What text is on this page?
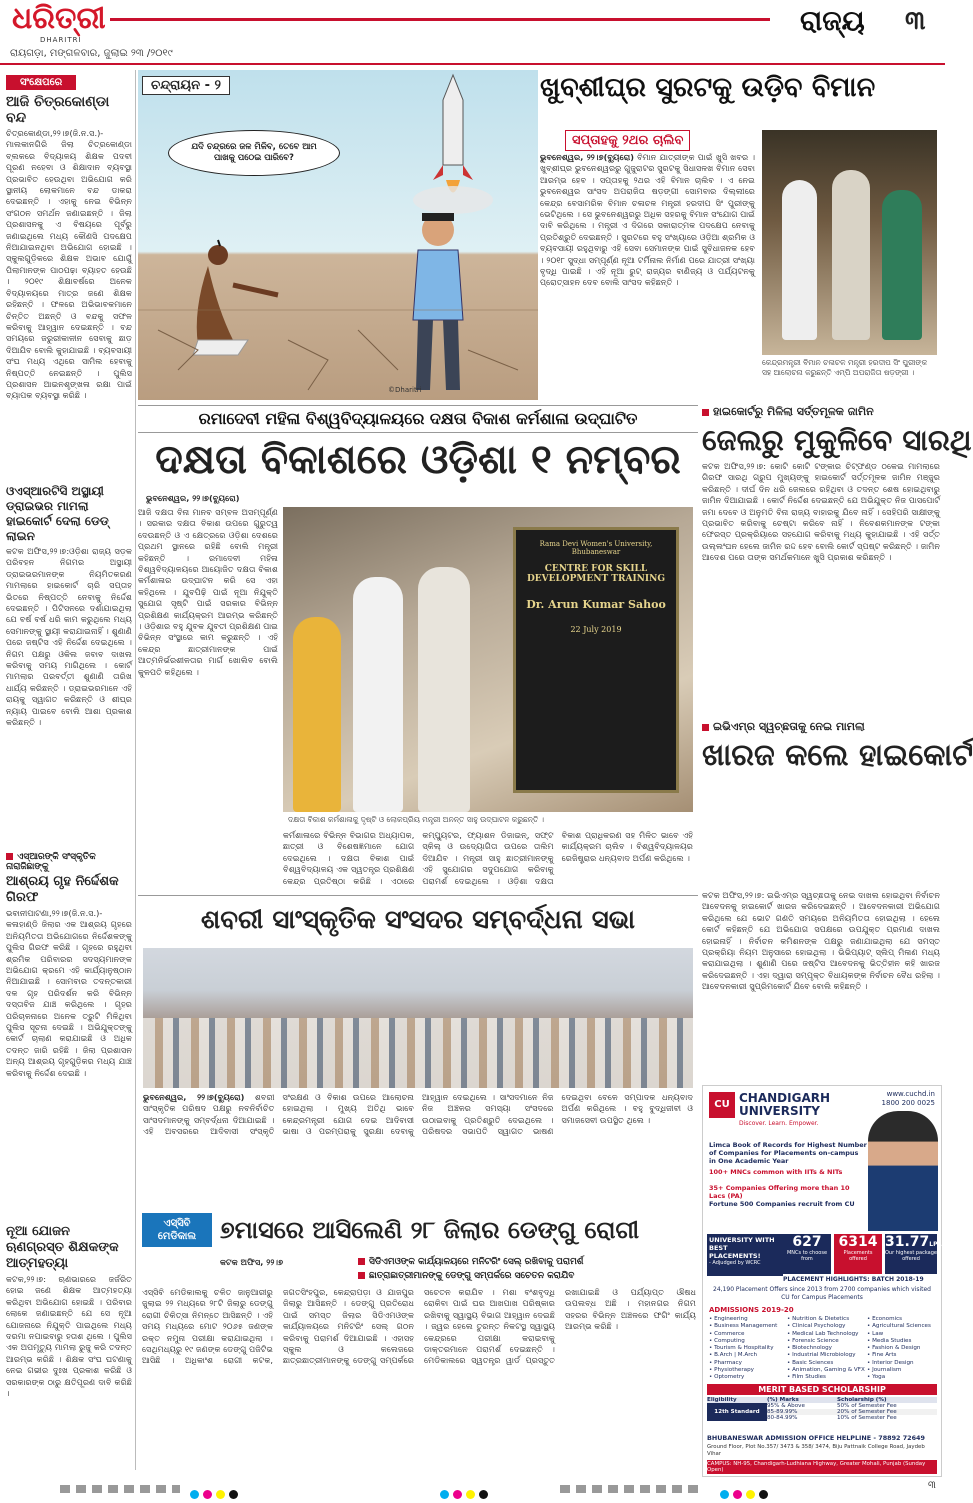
ଧରିତ୍ରୀ
DHARITRI
ରାଜ୍ୟ ୩
ରାୟଗଡ଼ା, ମଙ୍ଗଳବାର, ଜୁଲାଇ ୨୩ /୨୦୧୯
ସଂକ୍ଷେପରେ
ଆଜି ଚିତ୍ରକୋଣ୍ଡା ବନ୍ଦ
ଚିତ୍ରକୋଣ୍ଡା,୨୨।୭(ଜି.ନ.ସ.)- ମାଲକାନଗିରି ଜିଲା ଚିତ୍ରକୋଣ୍ଡା ବ୍ଲକରେ ବିଦ୍ୟାଳୟ ଶିକ୍ଷକ ପଦବୀ ପୂରଣ ନହେବା ଓ ଶିକ୍ଷାଦାନ ବ୍ୟବସ୍ଥା ପ୍ରଭାବିତ ହେଉଥିବା ଅଭିଯୋଗ କରି ସ୍ଥାନୀୟ ଲୋକମାନେ ବନ୍ଦ ଡାକରା ଦେଇଛନ୍ତି । ଏହାକୁ ନେଇ ବିଭିନ୍ନ ସଂଗଠନ ସମର୍ଥନ ଜଣାଇଛନ୍ତି । ଜିଲା ପ୍ରଶାସନକୁ ଏ ବିଷୟରେ ପୂର୍ବରୁ ଜଣାଇଥିଲେ ମଧ୍ୟ କୌଣସି ପଦକ୍ଷେପ ନିଆଯାଇନଥିବା ଅଭିଯୋଗ ହୋଇଛି । ସ୍କୁଲଗୁଡ଼ିକରେ ଶିକ୍ଷକ ଅଭାବ ଯୋଗୁଁ ପିଲାମାନଙ୍କ ପାଠପଢ଼ା ବ୍ୟାହତ ହେଉଛି । ୨୦୧୯ ଶିକ୍ଷାବର୍ଷରେ ଅନେକ ବିଦ୍ୟାଳୟରେ ମାତ୍ର ଜଣେ ଶିକ୍ଷକ ରହିଛନ୍ତି । ଫଳରେ ଅଭିଭାବକମାନେ ଚିନ୍ତିତ ଅଛନ୍ତି ଓ ବନ୍ଦକୁ ସଫଳ କରିବାକୁ ଆହ୍ୱାନ ଦେଇଛନ୍ତି । ବନ୍ଦ ସମୟରେ ଜରୁରୀକାଳୀନ ସେବାକୁ ଛାଡ଼ ଦିଆଯିବ ବୋଲି କୁହାଯାଇଛି । ବ୍ୟବସାୟୀ ସଂଘ ମଧ୍ୟ ଏଥିରେ ସାମିଲ ହେବାକୁ ନିଷ୍ପତ୍ତି ନେଇଛନ୍ତି । ପୁଲିସ ପ୍ରଶାସନ ଆଇନଶୃଙ୍ଖଳା ରକ୍ଷା ପାଇଁ ବ୍ୟାପକ ବ୍ୟବସ୍ଥା କରିଛି ।
ଓଏସ୍‌ଆରଟିସି ଅସ୍ଥାୟୀ ଡ୍ରାଇଭର ମାମଲା ହାଇକୋର୍ଟ ଦେଲା ଡେଡ୍‌ ଲାଇନ
କଟକ ଅଫିସ,୨୨।୭:ଓଡ଼ିଶା ରାଜ୍ୟ ସଡ଼କ ପରିବହନ ନିଗମର ଅସ୍ଥାୟୀ ଡ୍ରାଇଭରମାନଙ୍କ ନିୟମିତକରଣ ମାମଲାରେ ହାଇକୋର୍ଟ ଚାରି ସପ୍ତାହ ଭିତରେ ନିଷ୍ପତ୍ତି ନେବାକୁ ନିର୍ଦ୍ଦେଶ ଦେଇଛନ୍ତି । ପିଟିସନରେ ଦର୍ଶାଯାଇଥିଲା ଯେ ବର୍ଷ ବର୍ଷ ଧରି କାମ କରୁଥିଲେ ମଧ୍ୟ ସେମାନଙ୍କୁ ସ୍ଥାୟୀ କରାଯାଇନାହିଁ । ଶୁଣାଣି ପରେ ଜଷ୍ଟିସ ଏହି ନିର୍ଦ୍ଦେଶ ଦେଇଥିଲେ । ନିଗମ ପକ୍ଷରୁ ଓକିଲ ଜବାବ ଦାଖଲ କରିବାକୁ ସମୟ ମାଗିଥିଲେ । କୋର୍ଟ ମାମଲାର ପରବର୍ତ୍ତୀ ଶୁଣାଣି ତାରିଖ ଧାର୍ଯ୍ୟ କରିଛନ୍ତି । ଡ୍ରାଇଭରମାନେ ଏହି ରାୟକୁ ସ୍ୱାଗତ କରିଛନ୍ତି ଓ ଶୀଘ୍ର ନ୍ୟାୟ ପାଇବେ ବୋଲି ଆଶା ପ୍ରକାଶ କରିଛନ୍ତି ।
ଏସ୍ଆରଙ୍କି ସଂସ୍କୃତିକ ନାରାଜିଛାଙ୍କୁ
ଆଶ୍ରୟ ଗୃହ ନିର୍ଦ୍ଦେଶକ ଗିରଫ
ଭବାନୀପାଟଣା,୨୨।୭(ଜି.ନ.ସ.)- କଳାହାଣ୍ଡି ଜିଲାର ଏକ ଆଶ୍ରୟ ଗୃହରେ ଅନିୟମିତତା ଅଭିଯୋଗରେ ନିର୍ଦ୍ଦେଶକଙ୍କୁ ପୁଲିସ ଗିରଫ କରିଛି । ଗୃହରେ ରହୁଥିବା ଶ୍ରମିକ ପରିବାରର ସଦସ୍ୟମାନଙ୍କ ଅଭିଯୋଗ କ୍ରମେ ଏହି କାର୍ଯ୍ୟାନୁଷ୍ଠାନ ନିଆଯାଇଛି । ସୋମବାର ତଦନ୍ତକାରୀ ଦଳ ଗୃହ ପରିଦର୍ଶନ କରି ବିଭିନ୍ନ ଦସ୍ତାବିଜ ଯାଞ୍ଚ କରିଥିଲେ । ଗୃହର ପରିଚାଳନାରେ ଅନେକ ତ୍ରୁଟି ମିଳିଥିବା ପୁଲିସ ସୂଚନା ଦେଇଛି । ଅଭିଯୁକ୍ତଙ୍କୁ କୋର୍ଟ ଚାଲାଣ କରାଯାଇଛି ଓ ଅଧିକ ତଦନ୍ତ ଜାରି ରହିଛି । ଜିଲା ପ୍ରଶାସନ ଅନ୍ୟ ଆଶ୍ରୟ ଗୃହଗୁଡ଼ିକର ମଧ୍ୟ ଯାଞ୍ଚ କରିବାକୁ ନିର୍ଦ୍ଦେଶ ଦେଇଛି ।
ନୂଆ ଯୋଜନ ଋଣଗ୍ରସ୍ତ ଶିକ୍ଷକଙ୍କ ଆତ୍ମହତ୍ୟା
କଟକ,୨୨।୭: ଋଣଭାରରେ ଜର୍ଜରିତ ହୋଇ ଜଣେ ଶିକ୍ଷକ ଆତ୍ମହତ୍ୟା କରିଥିବା ଅଭିଯୋଗ ହୋଇଛି । ପରିବାର ଲୋକେ ଜଣାଇଛନ୍ତି ଯେ ସେ ନୂଆ ଯୋଜନାରେ ନିଯୁକ୍ତି ପାଇଥିଲେ ମଧ୍ୟ ଦରମା ନପାଇବାରୁ ହତାଶ ଥିଲେ । ପୁଲିସ ଏକ ଅପମୃତ୍ୟୁ ମାମଲା ରୁଜୁ କରି ତଦନ୍ତ ଆରମ୍ଭ କରିଛି । ଶିକ୍ଷକ ସଂଘ ଘଟଣାକୁ ନେଇ ଗଭୀର ଦୁଃଖ ପ୍ରକାଶ କରିଛି ଓ ସରକାରଙ୍କ ଠାରୁ କ୍ଷତିପୂରଣ ଦାବି କରିଛି ।
ଚନ୍ଦ୍ରାୟନ - ୨
ଯଦି ଚନ୍ଦ୍ରରେ ଜଳ ମିଳିବ, ତେବେ ଆମ ପାଖକୁ ପଠେଇ ପାରିବେ?
©Dharitri
ଖୁବ୍‌ଶୀଘ୍ର ସୁରଟକୁ ଉଡ଼ିବ ବିମାନ
ସପ୍ତାହକୁ ୨ଥର ଚାଲିବ
ଭୁବନେଶ୍ୱର, ୨୨।୭(ବ୍ୟୁରୋ) ବିମାନ ଯାତ୍ରୀଙ୍କ ପାଇଁ ଖୁସି ଖବର । ଖୁବ୍‌ଶୀଘ୍ର ଭୁବନେଶ୍ୱରରୁ ଗୁଜୁରାଟର ସୁରଟକୁ ସିଧାସଳଖ ବିମାନ ସେବା ଆରମ୍ଭ ହେବ । ସପ୍ତାହକୁ ୨ଥର ଏହି ବିମାନ ଚାଲିବ । ଏ ନେଇ ଭୁବନେଶ୍ୱର ସାଂସଦ ଅପରାଜିତା ଷଡ଼ଙ୍ଗୀ ସୋମବାର ଦିଲ୍ଲୀରେ କେନ୍ଦ୍ର ବେସାମରିକ ବିମାନ ଚଳାଚଳ ମନ୍ତ୍ରୀ ହରଦୀପ ସିଂ ପୁରୀଙ୍କୁ ଭେଟିଥିଲେ । ସେ ଭୁବନେଶ୍ୱରରୁ ଅଧିକ ସହରକୁ ବିମାନ ସଂଯୋଗ ପାଇଁ ଦାବି କରିଥିଲେ । ମନ୍ତ୍ରୀ ଏ ଦିଗରେ ସକାରାତ୍ମକ ପଦକ୍ଷେପ ନେବାକୁ ପ୍ରତିଶ୍ରୁତି ଦେଇଛନ୍ତି । ସୁରଟରେ ବହୁ ସଂଖ୍ୟାରେ ଓଡ଼ିଆ ଶ୍ରମିକ ଓ ବ୍ୟବସାୟୀ ରହୁଥିବାରୁ ଏହି ସେବା ସେମାନଙ୍କ ପାଇଁ ସୁବିଧାଜନକ ହେବ । ୨୦୧୮ ସୁଦ୍ଧା ସମ୍ପୂର୍ଣ୍ଣ ନୂଆ ଟର୍ମିନାଲ ନିର୍ମାଣ ପରେ ଯାତ୍ରୀ ସଂଖ୍ୟା ବୃଦ୍ଧି ପାଇଛି । ଏହି ନୂଆ ରୁଟ୍ ରାଜ୍ୟର ବାଣିଜ୍ୟ ଓ ପର୍ଯ୍ୟଟନକୁ ପ୍ରୋତ୍ସାହନ ଦେବ ବୋଲି ସାଂସଦ କହିଛନ୍ତି ।
କେନ୍ଦ୍ରମନ୍ତ୍ରୀ ବିମାନ ଚଳାଚଳ ମନ୍ତ୍ରୀ ହରଦୀପ ସିଂ ପୁରୀଙ୍କ ସହ ଆଲୋଚନା କରୁଛନ୍ତି ଏମ୍‌ପି ଅପରାଜିତା ଷଡ଼ଙ୍ଗୀ ।
ରମାଦେବୀ ମହିଳା ବିଶ୍ୱବିଦ୍ୟାଳୟରେ ଦକ୍ଷତା ବିକାଶ କର୍ମଶାଳା ଉଦ୍‌ଘାଟିତ
ଦକ୍ଷତା ବିକାଶରେ ଓଡ଼ିଶା ୧ ନମ୍ବର
ଭୁବନେଶ୍ୱର, ୨୨।୭(ବ୍ୟୁରୋ)
ଆଜି ଦକ୍ଷତା ବିନା ମାନବ ସମ୍ବଳ ଅସମ୍ପୂର୍ଣ୍ଣ । ସରକାର ଦକ୍ଷତା ବିକାଶ ଉପରେ ଗୁରୁତ୍ୱ ଦେଉଛନ୍ତି ଓ ଏ କ୍ଷେତ୍ରରେ ଓଡ଼ିଶା ଦେଶରେ ପ୍ରଥମ ସ୍ଥାନରେ ରହିଛି ବୋଲି ମନ୍ତ୍ରୀ କହିଛନ୍ତି । ରମାଦେବୀ ମହିଳା ବିଶ୍ୱବିଦ୍ୟାଳୟରେ ଆୟୋଜିତ ଦକ୍ଷତା ବିକାଶ କର୍ମଶାଳାର ଉଦ୍‌ଘାଟନ କରି ସେ ଏହା କହିଥିଲେ । ଯୁବପିଢ଼ି ପାଇଁ ନୂଆ ନିଯୁକ୍ତି ସୁଯୋଗ ସୃଷ୍ଟି ପାଇଁ ସରକାର ବିଭିନ୍ନ ପ୍ରଶିକ୍ଷଣ କାର୍ଯ୍ୟକ୍ରମ ଆରମ୍ଭ କରିଛନ୍ତି । ଓଡ଼ିଶାର ବହୁ ଯୁବକ ଯୁବତୀ ପ୍ରଶିକ୍ଷଣ ପାଇ ବିଭିନ୍ନ ସଂସ୍ଥାରେ କାମ କରୁଛନ୍ତି । ଏହି କେନ୍ଦ୍ର ଛାତ୍ରୀମାନଙ୍କ ପାଇଁ ଆତ୍ମନିର୍ଭରଶୀଳତାର ମାର୍ଗ ଖୋଲିବ ବୋଲି କୁଳପତି କହିଥିଲେ ।
Rama Devi Women's University, Bhubaneswar
CENTRE FOR SKILL DEVELOPMENT TRAINING
Dr. Arun Kumar Sahoo
22 July 2019
ଦକ୍ଷତା ବିକାଶ କର୍ମଶାଳାକୁ ଦୃଷ୍ଟି ଓ ଲୋକପ୍ରିୟ ମନ୍ତ୍ରୀ ଅନନ୍ତ ସାହୁ ଉଦ୍‌ଘାଟନ କରୁଛନ୍ତି ।
କର୍ମଶାଳାରେ ବିଭିନ୍ନ ବିଭାଗର ଅଧ୍ୟାପକ, ଛାତ୍ରୀ ଓ ବିଶେଷଜ୍ଞମାନେ ଯୋଗ ଦେଇଥିଲେ । ଦକ୍ଷତା ବିକାଶ ପାଇଁ ବିଶ୍ୱବିଦ୍ୟାଳୟ ଏକ ସ୍ୱତନ୍ତ୍ର ପ୍ରଶିକ୍ଷଣ କେନ୍ଦ୍ର ପ୍ରତିଷ୍ଠା କରିଛି । ଏଠାରେ କମ୍ପ୍ୟୁଟର, ଫ୍ୟାଶନ ଡିଜାଇନ୍, ସଫ୍ଟ ସ୍କିଲ୍ ଓ ଉଦ୍ୟୋଗିତା ଉପରେ ତାଲିମ ଦିଆଯିବ । ମନ୍ତ୍ରୀ ସାହୁ ଛାତ୍ରୀମାନଙ୍କୁ ଏହି ସୁଯୋଗର ସଦୁପଯୋଗ କରିବାକୁ ପରାମର୍ଶ ଦେଇଥିଲେ । ଓଡ଼ିଶା ଦକ୍ଷତା ବିକାଶ ପ୍ରାଧିକରଣ ସହ ମିଳିତ ଭାବେ ଏହି କାର୍ଯ୍ୟକ୍ରମ ଚାଲିବ । ବିଶ୍ୱବିଦ୍ୟାଳୟର ରେଜିଷ୍ଟ୍ରାର ଧନ୍ୟବାଦ ଅର୍ପଣ କରିଥିଲେ ।
ହାଇକୋର୍ଟରୁ ମିଳିଲା ସର୍ତ୍ତମୂଳକ ଜାମିନ
ଜେଲରୁ ମୁକୁଳିବେ ସାରଥି
କଟକ ଅଫିସ,୨୨।୭: କୋଟି କୋଟି ଟଙ୍କାର ଚିଟ୍‌ଫଣ୍ଡ ଠକେଇ ମାମଲାରେ ଗିରଫ ସାରଥି ଗ୍ରୁପ ମୁଖ୍ୟଙ୍କୁ ହାଇକୋର୍ଟ ସର୍ତ୍ତମୂଳକ ଜାମିନ ମଞ୍ଜୁର କରିଛନ୍ତି । ଦୀର୍ଘ ଦିନ ଧରି ଜେଲରେ ରହିଥିବା ଓ ତଦନ୍ତ ଶେଷ ହୋଇଥିବାରୁ ଜାମିନ ଦିଆଯାଇଛି । କୋର୍ଟ ନିର୍ଦ୍ଦେଶ ଦେଇଛନ୍ତି ଯେ ଅଭିଯୁକ୍ତ ନିଜ ପାସପୋର୍ଟ ଜମା ଦେବେ ଓ ଅନୁମତି ବିନା ରାଜ୍ୟ ବାହାରକୁ ଯିବେ ନାହିଁ । ସେହିପରି ସାକ୍ଷୀଙ୍କୁ ପ୍ରଭାବିତ କରିବାକୁ ଚେଷ୍ଟା କରିବେ ନାହିଁ । ନିବେଶକମାନଙ୍କ ଟଙ୍କା ଫେରସ୍ତ ପ୍ରକ୍ରିୟାରେ ସହଯୋଗ କରିବାକୁ ମଧ୍ୟ କୁହାଯାଇଛି । ଏହି ସର୍ତ୍ତ ଉଲ୍ଲଂଘନ ହେଲେ ଜାମିନ ରଦ୍ଦ ହେବ ବୋଲି କୋର୍ଟ ସ୍ପଷ୍ଟ କରିଛନ୍ତି । ଜାମିନ ଆଦେଶ ପରେ ତାଙ୍କ ସମର୍ଥକମାନେ ଖୁସି ପ୍ରକାଶ କରିଛନ୍ତି ।
ଇଭିଏମ୍‌ର ସ୍ୱଚ୍ଛତାକୁ ନେଇ ମାମଲା
ଖାରଜ କଲେ ହାଇକୋର୍ଟ
କଟକ ଅଫିସ,୨୨।୭: ଇଭିଏମ୍‌ର ସ୍ୱଚ୍ଛତାକୁ ନେଇ ଦାଖଲ ହୋଇଥିବା ନିର୍ବାଚନ ଆବେଦନକୁ ହାଇକୋର୍ଟ ଖାରଜ କରିଦେଇଛନ୍ତି । ଆବେଦନକାରୀ ଅଭିଯୋଗ କରିଥିଲେ ଯେ ଭୋଟ ଗଣତି ସମୟରେ ଅନିୟମିତତା ହୋଇଥିଲା । ହେଲେ କୋର୍ଟ କହିଛନ୍ତି ଯେ ଅଭିଯୋଗ ସପକ୍ଷରେ ଉପଯୁକ୍ତ ପ୍ରମାଣ ଦାଖଲ ହୋଇନାହିଁ । ନିର୍ବାଚନ କମିଶନଙ୍କ ପକ୍ଷରୁ ଜଣାଯାଇଥିଲା ଯେ ସମସ୍ତ ପ୍ରକ୍ରିୟା ନିୟମ ଅନୁସାରେ ହୋଇଥିଲା । ଭିଭିପ୍ୟାଟ୍ ସ୍ଲିପ୍ ମିଳାଣ ମଧ୍ୟ କରାଯାଇଥିଲା । ଶୁଣାଣି ପରେ ଜଷ୍ଟିସ ଆବେଦନକୁ ଭିତ୍ତିହୀନ କହି ଖାରଜ କରିଦେଇଛନ୍ତି । ଏହା ଦ୍ୱାରା ସମ୍ପୃକ୍ତ ବିଧାୟକଙ୍କ ନିର୍ବାଚନ ବୈଧ ରହିଲା । ଆବେଦନକାରୀ ସୁପ୍ରିମକୋର୍ଟ ଯିବେ ବୋଲି କହିଛନ୍ତି ।
ଶବରୀ ସାଂସ୍କୃତିକ ସଂସଦର ସମ୍ବର୍ଦ୍ଧନା ସଭା
ଭୁବନେଶ୍ୱର, ୨୨।୭(ବ୍ୟୁରୋ) ଶବରୀ ସାଂସ୍କୃତିକ ପରିଷଦ ପକ୍ଷରୁ ନବନିର୍ବାଚିତ ସାଂସଦମାନଙ୍କୁ ସମ୍ବର୍ଦ୍ଧନା ଦିଆଯାଇଛି । ଏହି ଅବସରରେ ଆଦିବାସୀ ସଂସ୍କୃତି ସଂରକ୍ଷଣ ଓ ବିକାଶ ଉପରେ ଆଲୋଚନା ହୋଇଥିଲା । ମୁଖ୍ୟ ଅତିଥି ଭାବେ କେନ୍ଦ୍ରମନ୍ତ୍ରୀ ଯୋଗ ଦେଇ ଆଦିବାସୀ ଭାଷା ଓ ପରମ୍ପରାକୁ ସୁରକ୍ଷା ଦେବାକୁ ଆହ୍ୱାନ ଦେଇଥିଲେ । ସାଂସଦମାନେ ନିଜ ନିଜ ଅଞ୍ଚଳର ସମସ୍ୟା ସଂସଦରେ ଉଠାଇବାକୁ ପ୍ରତିଶ୍ରୁତି ଦେଇଥିଲେ । ପରିଷଦର ସଭାପତି ସ୍ୱାଗତ ଭାଷଣ ଦେଇଥିବା ବେଳେ ସମ୍ପାଦକ ଧନ୍ୟବାଦ ଅର୍ପଣ କରିଥିଲେ । ବହୁ ବୁଦ୍ଧିଜୀବୀ ଓ ସମାଜସେବୀ ଉପସ୍ଥିତ ଥିଲେ ।
ଏସ୍‌ସିବି ମେଡିକାଲ ୭ମାସରେ ଆସିଲେଣି ୨୮ ଜିଲାର ଡେଙ୍ଗୁ ରୋଗୀ
ସିଡିଏମଓଙ୍କ କାର୍ଯ୍ୟାଳୟରେ ମନିଟରିଂ ସେଲ୍ ରଖିବାକୁ ପରାମର୍ଶ
ଛାତ୍ରାଛାତ୍ରୀମାନଙ୍କୁ ଡେଙ୍ଗୁ ସମ୍ପର୍କରେ ସଚେତନ କରାଯିବ
କଟକ ଅଫିସ, ୨୨।୭
ଏସ୍‌ସିବି ମେଡିକାଲକୁ ଚଳିତ ଜାନୁଆରୀରୁ ଜୁଲାଇ ୨୨ ମଧ୍ୟରେ ୨୮ଟି ଜିଲାରୁ ଡେଙ୍ଗୁ ରୋଗୀ ଚିକିତ୍ସା ନିମନ୍ତେ ଆସିଛନ୍ତି । ଏହି ସମୟ ମଧ୍ୟରେ ମୋଟ ୨୦୬୫ ଜଣଙ୍କ ରକ୍ତ ନମୁନା ପରୀକ୍ଷା କରାଯାଇଥିଲା । ସେଥିମଧ୍ୟରୁ ୧୯ ଜଣଙ୍କ ଡେଙ୍ଗୁ ପଜିଟିଭ ଆସିଛି । ଅଧିକାଂଶ ରୋଗୀ କଟକ, ଜଗତସିଂହପୁର, କେନ୍ଦ୍ରାପଡ଼ା ଓ ଯାଜପୁର ଜିଲାରୁ ଆସିଛନ୍ତି । ଡେଙ୍ଗୁ ପ୍ରତିରୋଧ ପାଇଁ ସମସ୍ତ ଜିଲାର ସିଡିଏମଓଙ୍କ କାର୍ଯ୍ୟାଳୟରେ ମନିଟରିଂ ସେଲ୍ ଗଠନ କରିବାକୁ ପରାମର୍ଶ ଦିଆଯାଇଛି । ଏହାସହ ସ୍କୁଲ ଓ କଲେଜରେ ଛାତ୍ରଛାତ୍ରୀମାନଙ୍କୁ ଡେଙ୍ଗୁ ସମ୍ପର୍କରେ ସଚେତନ କରାଯିବ । ମଶା ବଂଶବୃଦ୍ଧି ରୋକିବା ପାଇଁ ଘର ଆଖପାଖ ପରିଷ୍କାର ରଖିବାକୁ ସ୍ୱାସ୍ଥ୍ୟ ବିଭାଗ ଆହ୍ୱାନ ଦେଇଛି । ଜ୍ୱର ହେଲେ ତୁରନ୍ତ ନିକଟସ୍ଥ ସ୍ୱାସ୍ଥ୍ୟ କେନ୍ଦ୍ରରେ ପରୀକ୍ଷା କରାଇବାକୁ ଡାକ୍ତରମାନେ ପରାମର୍ଶ ଦେଇଛନ୍ତି । ମେଡିକାଲରେ ସ୍ୱତନ୍ତ୍ର ୱାର୍ଡ ପ୍ରସ୍ତୁତ ରଖାଯାଇଛି ଓ ପର୍ଯ୍ୟାପ୍ତ ଔଷଧ ଉପଲବ୍ଧ ଅଛି । ମହାନଗର ନିଗମ ସହରର ବିଭିନ୍ନ ଅଞ୍ଚଳରେ ଫଗିଂ କାର୍ଯ୍ୟ ଆରମ୍ଭ କରିଛି ।
www.cuchd.in
1800 200 0025
CU CHANDIGARH UNIVERSITY
Discover. Learn. Empower.
Limca Book of Records for Highest Number of Companies for Placements on-campus in One Academic Year
100+ MNCs common with IITs & NITs
35+ Companies Offering more than 10 Lacs (PA)
Fortune 500 Companies recruit from CU
UNIVERSITY WITH BEST PLACEMENTS!
- Adjudged by WCRC
627
MNCs to choose from
6314
Placements offered
31.77LPA
Our highest package offered
PLACEMENT HIGHLIGHTS: BATCH 2018-19
24,190 Placement Offers since 2013 from 2700 companies which visited CU for Campus Placements
ADMISSIONS 2019-20
• Engineering
• Business Management
• Commerce
• Computing
• Tourism & Hospitality
• B.Arch | M.Arch
• Pharmacy
• Physiotherapy
• Optometry
• Nutrition & Dietetics
• Clinical Psychology
• Medical Lab Technology
• Forensic Science
• Biotechnology
• Industrial Microbiology
• Basic Sciences
• Animation, Gaming & VFX
• Film Studies
• Economics
• Agricultural Sciences
• Law
• Media Studies
• Fashion & Design
• Fine Arts
• Interior Design
• Journalism
• Yoga
MERIT BASED SCHOLARSHIP
Eligibility	(%) Marks	Scholarship (%)
12th Standard
95% & Above	50% of Semester Fee
85-89.99%	20% of Semester Fee
80-84.99%	10% of Semester Fee
BHUBANESWAR ADMISSION OFFICE HELPLINE - 78892 72649
Ground Floor, Plot No.357/ 3473 & 358/ 3474, Biju Pattnaik College Road, Jaydeb Vihar
CAMPUS: NH-95, Chandigarh-Ludhiana Highway, Greater Mohali, Punjab (Sunday Open)
୩
